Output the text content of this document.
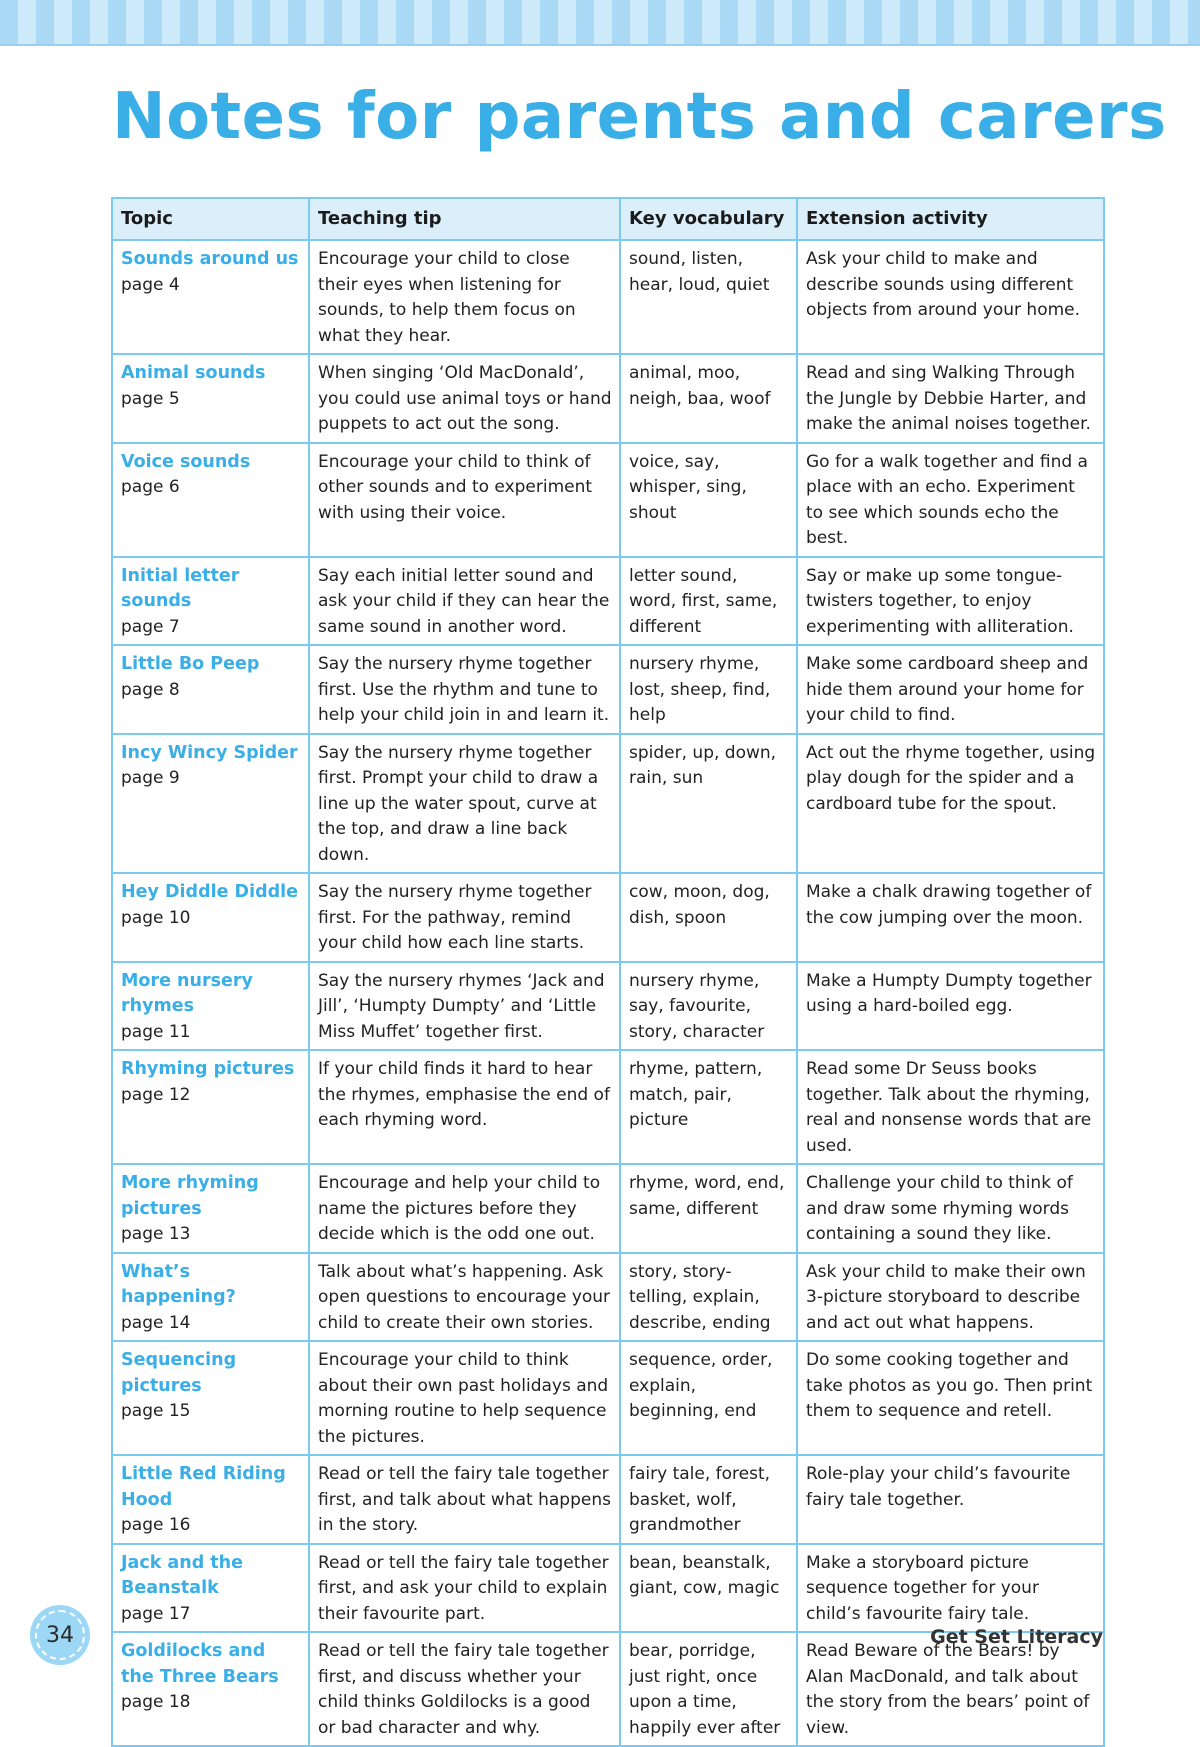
Notes for parents and carers
Topic	Teaching tip	Key vocabulary	Extension activity

Sounds around us
page 4	Encourage your child to close their eyes when listening for sounds, to help them focus on what they hear.	sound, listen, hear, loud, quiet	Ask your child to make and describe sounds using different objects from around your home.

Animal sounds
page 5	When singing ‘Old MacDonald’, you could use animal toys or hand puppets to act out the song.	animal, moo, neigh, baa, woof	Read and sing Walking Through the Jungle by Debbie Harter, and make the animal noises together.

Voice sounds
page 6	Encourage your child to think of other sounds and to experiment with using their voice.	voice, say, whisper, sing, shout	Go for a walk together and find a place with an echo. Experiment to see which sounds echo the best.

Initial letter sounds
page 7	Say each initial letter sound and ask your child if they can hear the same sound in another word.	letter sound, word, first, same, different	Say or make up some tongue-twisters together, to enjoy experimenting with alliteration.

Little Bo Peep
page 8	Say the nursery rhyme together first. Use the rhythm and tune to help your child join in and learn it.	nursery rhyme, lost, sheep, find, help	Make some cardboard sheep and hide them around your home for your child to find.

Incy Wincy Spider
page 9	Say the nursery rhyme together first. Prompt your child to draw a line up the water spout, curve at the top, and draw a line back down.	spider, up, down, rain, sun	Act out the rhyme together, using play dough for the spider and a cardboard tube for the spout.

Hey Diddle Diddle
page 10	Say the nursery rhyme together first. For the pathway, remind your child how each line starts.	cow, moon, dog, dish, spoon	Make a chalk drawing together of the cow jumping over the moon.

More nursery rhymes
page 11	Say the nursery rhymes ‘Jack and Jill’, ‘Humpty Dumpty’ and ‘Little Miss Muffet’ together first.	nursery rhyme, say, favourite, story, character	Make a Humpty Dumpty together using a hard-boiled egg.

Rhyming pictures
page 12	If your child finds it hard to hear the rhymes, emphasise the end of each rhyming word.	rhyme, pattern, match, pair, picture	Read some Dr Seuss books together. Talk about the rhyming, real and nonsense words that are used.

More rhyming pictures
page 13	Encourage and help your child to name the pictures before they decide which is the odd one out.	rhyme, word, end, same, different	Challenge your child to think of and draw some rhyming words containing a sound they like.

What’s happening?
page 14	Talk about what’s happening. Ask open questions to encourage your child to create their own stories.	story, story-telling, explain, describe, ending	Ask your child to make their own 3-picture storyboard to describe and act out what happens.

Sequencing pictures
page 15	Encourage your child to think about their own past holidays and morning routine to help sequence the pictures.	sequence, order, explain, beginning, end	Do some cooking together and take photos as you go. Then print them to sequence and retell.

Little Red Riding Hood
page 16	Read or tell the fairy tale together first, and talk about what happens in the story.	fairy tale, forest, basket, wolf, grandmother	Role-play your child’s favourite fairy tale together.

Jack and the Beanstalk
page 17	Read or tell the fairy tale together first, and ask your child to explain their favourite part.	bean, beanstalk, giant, cow, magic	Make a storyboard picture sequence together for your child’s favourite fairy tale.

Goldilocks and the Three Bears
page 18	Read or tell the fairy tale together first, and discuss whether your child thinks Goldilocks is a good or bad character and why.	bear, porridge, just right, once upon a time, happily ever after	Read Beware of the Bears! by Alan MacDonald, and talk about the story from the bears’ point of view.
34	Get Set Literacy
